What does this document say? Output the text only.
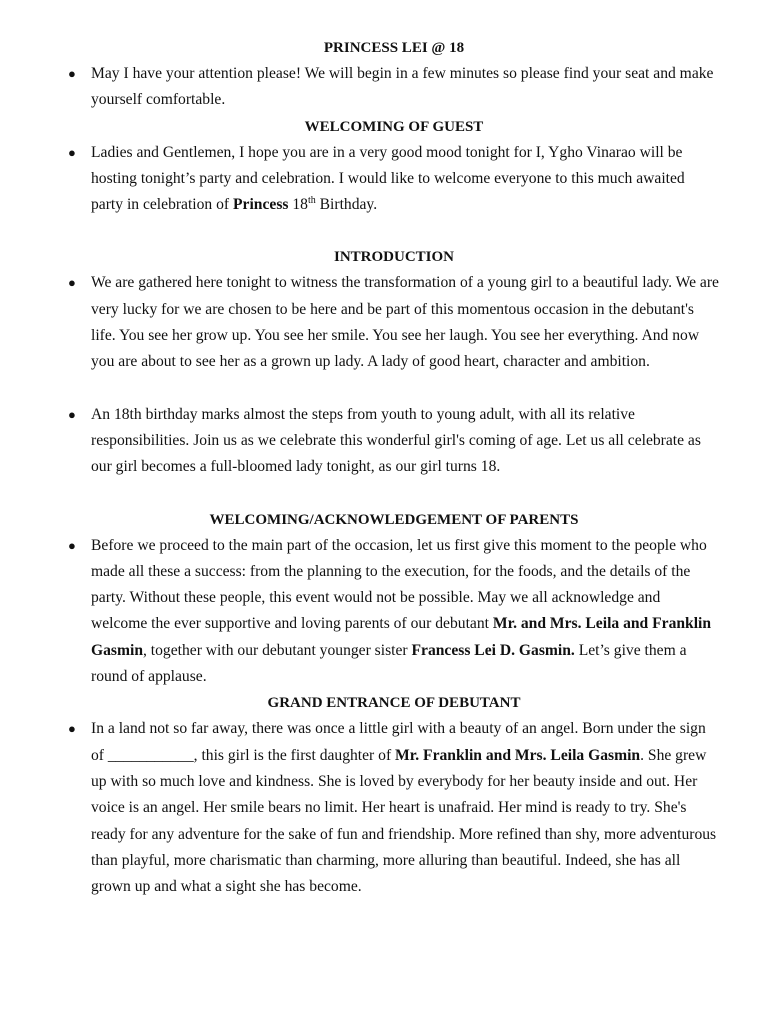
PRINCESS LEI @ 18
● May I have your attention please! We will begin in a few minutes so please find your seat and make yourself comfortable.

WELCOMING OF GUEST
● Ladies and Gentlemen, I hope you are in a very good mood tonight for I, Ygho Vinarao will be hosting tonight’s party and celebration. I would like to welcome everyone to this much awaited party in celebration of Princess 18th Birthday.

INTRODUCTION
● We are gathered here tonight to witness the transformation of a young girl to a beautiful lady. We are very lucky for we are chosen to be here and be part of this momentous occasion in the debutant's life. You see her grow up. You see her smile. You see her laugh. You see her everything. And now you are about to see her as a grown up lady. A lady of good heart, character and ambition.

● An 18th birthday marks almost the steps from youth to young adult, with all its relative responsibilities. Join us as we celebrate this wonderful girl's coming of age. Let us all celebrate as our girl becomes a full-bloomed lady tonight, as our girl turns 18.

WELCOMING/ACKNOWLEDGEMENT OF PARENTS
● Before we proceed to the main part of the occasion, let us first give this moment to the people who made all these a success: from the planning to the execution, for the foods, and the details of the party. Without these people, this event would not be possible. May we all acknowledge and welcome the ever supportive and loving parents of our debutant Mr. and Mrs. Leila and Franklin Gasmin, together with our debutant younger sister Francess Lei D. Gasmin. Let’s give them a round of applause.

GRAND ENTRANCE OF DEBUTANT
● In a land not so far away, there was once a little girl with a beauty of an angel. Born under the sign of ___________, this girl is the first daughter of Mr. Franklin and Mrs. Leila Gasmin. She grew up with so much love and kindness. She is loved by everybody for her beauty inside and out. Her voice is an angel. Her smile bears no limit. Her heart is unafraid. Her mind is ready to try. She's ready for any adventure for the sake of fun and friendship. More refined than shy, more adventurous than playful, more charismatic than charming, more alluring than beautiful. Indeed, she has all grown up and what a sight she has become.
